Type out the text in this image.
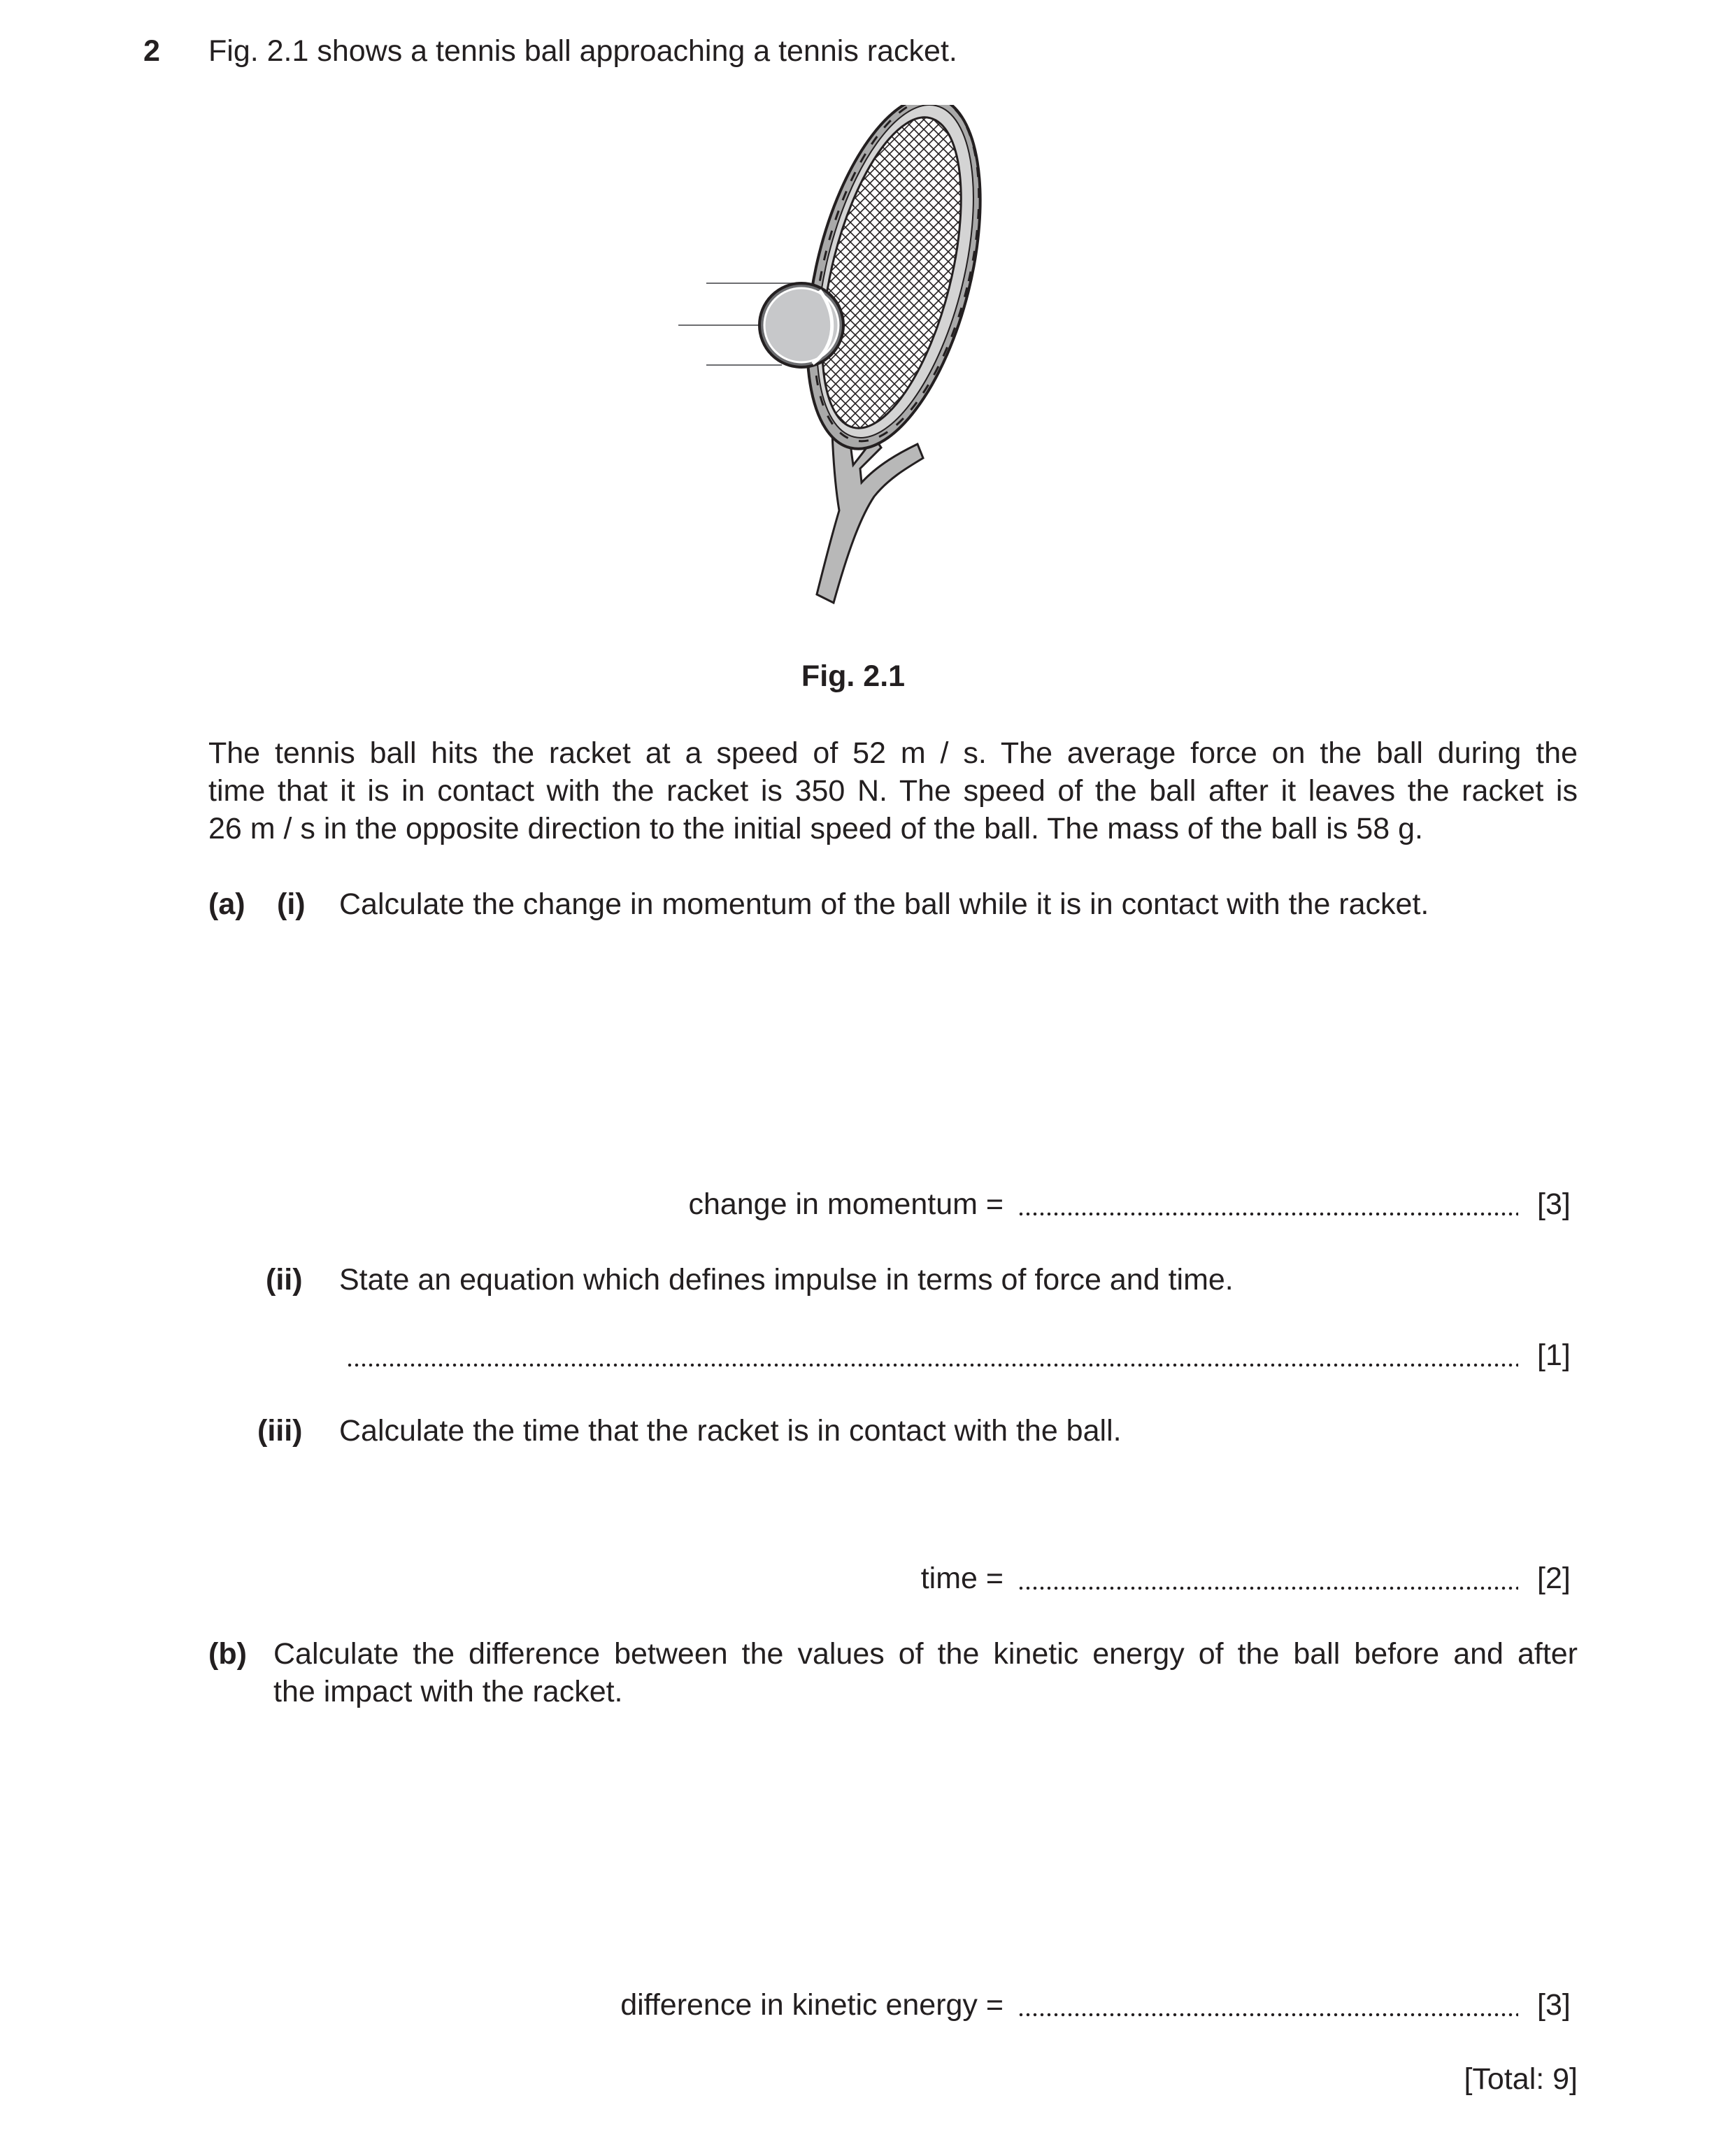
2 Fig. 2.1 shows a tennis ball approaching a tennis racket.
Fig. 2.1
The tennis ball hits the racket at a speed of 52 m / s. The average force on the ball during the
time that it is in contact with the racket is 350 N. The speed of the ball after it leaves the racket is
26 m / s in the opposite direction to the initial speed of the ball. The mass of the ball is 58 g.
(a) (i) Calculate the change in momentum of the ball while it is in contact with the racket.
change in momentum =	[3]
(ii) State an equation which defines impulse in terms of force and time.
[1]
(iii) Calculate the time that the racket is in contact with the ball.
time =	[2]
(b) Calculate the difference between the values of the kinetic energy of the ball before and after
the impact with the racket.
difference in kinetic energy =	[3]
[Total: 9]
